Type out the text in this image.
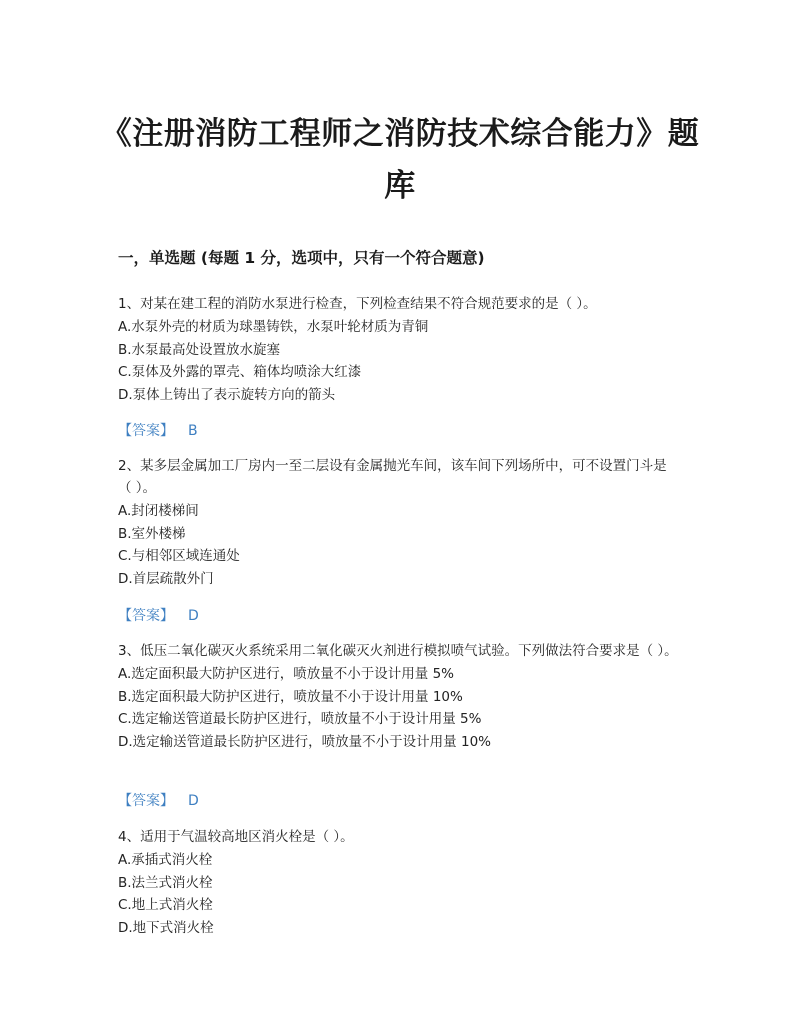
《注册消防工程师之消防技术综合能力》题库
一，单选题 (每题 1 分，选项中，只有一个符合题意)
1、对某在建工程的消防水泵进行检查，下列检查结果不符合规范要求的是（ ）。
A.水泵外壳的材质为球墨铸铁，水泵叶轮材质为青铜
B.水泵最高处设置放水旋塞
C.泵体及外露的罩壳、箱体均喷涂大红漆
D.泵体上铸出了表示旋转方向的箭头
【答案】 B
2、某多层金属加工厂房内一至二层设有金属抛光车间，该车间下列场所中，可不设置门斗是（ ）。
A.封闭楼梯间
B.室外楼梯
C.与相邻区域连通处
D.首层疏散外门
【答案】 D
3、低压二氧化碳灭火系统采用二氧化碳灭火剂进行模拟喷气试验。下列做法符合要求是（ ）。
A.选定面积最大防护区进行，喷放量不小于设计用量 5%
B.选定面积最大防护区进行，喷放量不小于设计用量 10%
C.选定输送管道最长防护区进行，喷放量不小于设计用量 5%
D.选定输送管道最长防护区进行，喷放量不小于设计用量 10%
【答案】 D
4、适用于气温较高地区消火栓是（ ）。
A.承插式消火栓
B.法兰式消火栓
C.地上式消火栓
D.地下式消火栓
